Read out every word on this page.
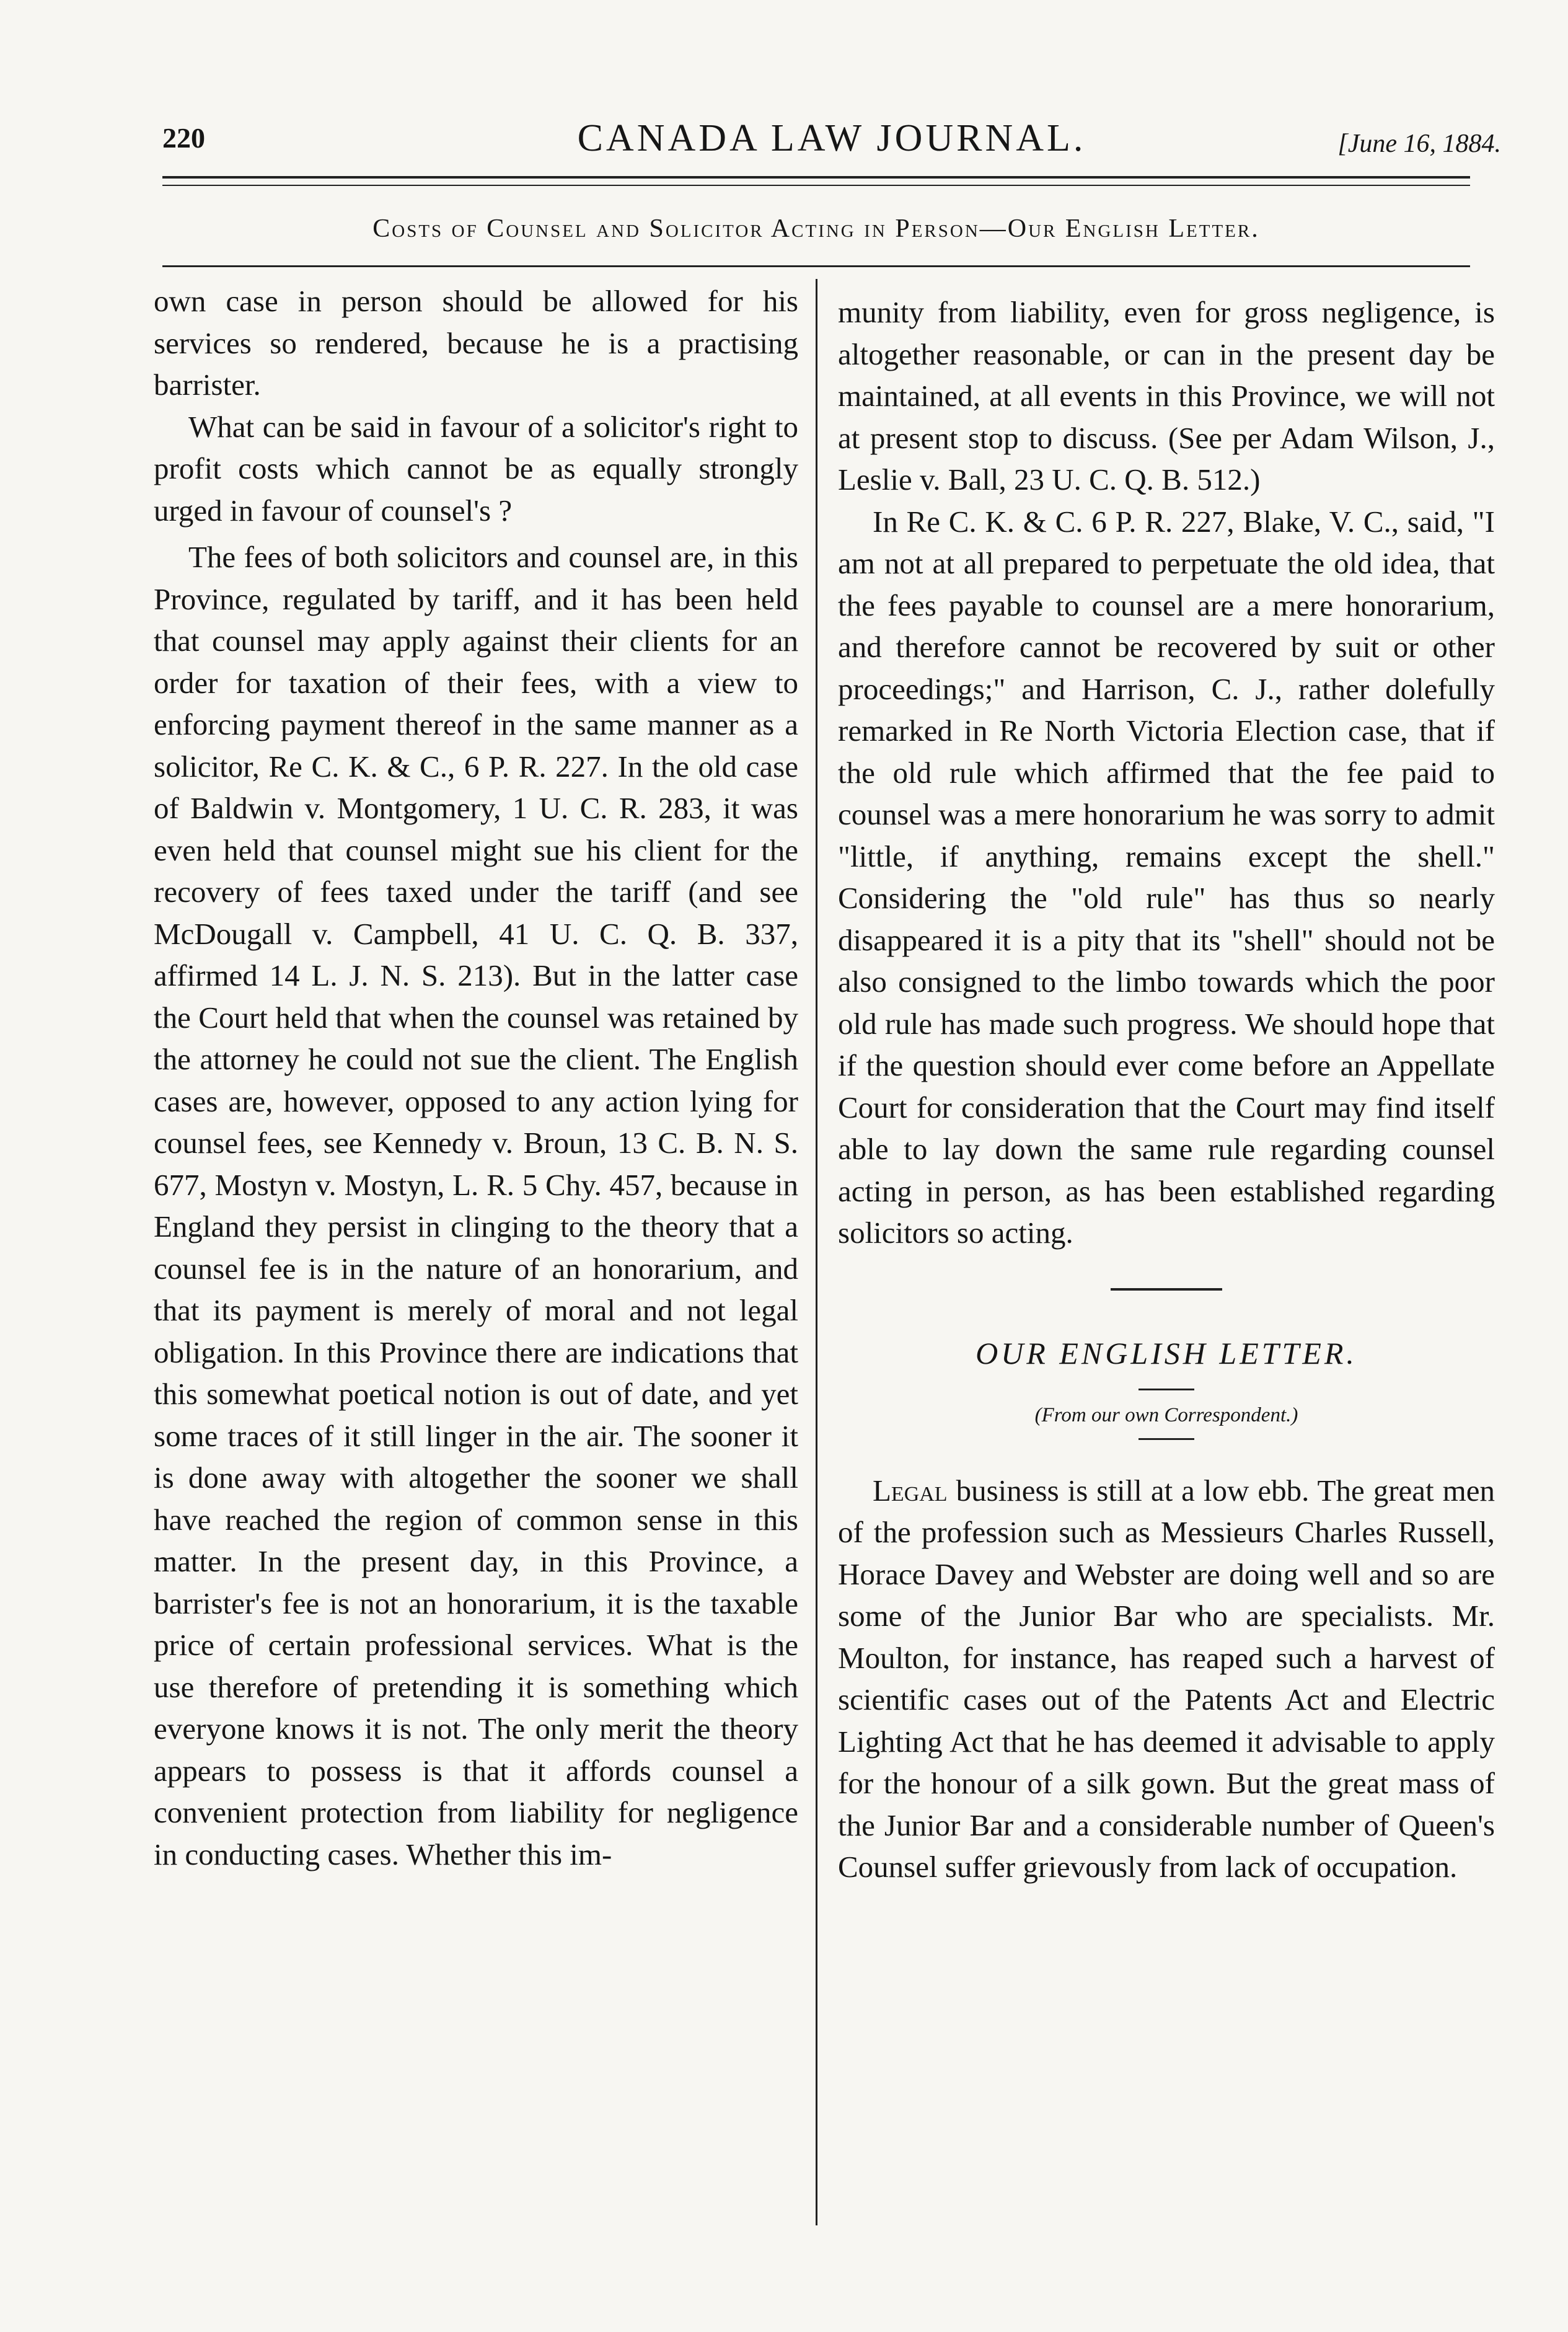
220	CANADA LAW JOURNAL.	[June 16, 1884.
Costs of Counsel and Solicitor Acting in Person—Our English Letter.

own case in person should be allowed for his services so rendered, because he is a practising barrister.

What can be said in favour of a solicitor's right to profit costs which cannot be as equally strongly urged in favour of counsel's ?

The fees of both solicitors and counsel are, in this Province, regulated by tariff, and it has been held that counsel may apply against their clients for an order for taxation of their fees, with a view to enforcing payment thereof in the same manner as a solicitor, Re C. K. & C., 6 P. R. 227. In the old case of Baldwin v. Montgomery, 1 U. C. R. 283, it was even held that counsel might sue his client for the recovery of fees taxed under the tariff (and see McDougall v. Campbell, 41 U. C. Q. B. 337, affirmed 14 L. J. N. S. 213). But in the latter case the Court held that when the counsel was retained by the attorney he could not sue the client. The English cases are, however, opposed to any action lying for counsel fees, see Kennedy v. Broun, 13 C. B. N. S. 677, Mostyn v. Mostyn, L. R. 5 Chy. 457, because in England they persist in clinging to the theory that a counsel fee is in the nature of an honorarium, and that its payment is merely of moral and not legal obligation. In this Province there are indications that this somewhat poetical notion is out of date, and yet some traces of it still linger in the air. The sooner it is done away with altogether the sooner we shall have reached the region of common sense in this matter. In the present day, in this Province, a barrister's fee is not an honorarium, it is the taxable price of certain professional services. What is the use therefore of pretending it is something which everyone knows it is not. The only merit the theory appears to possess is that it affords counsel a convenient protection from liability for negligence in conducting cases. Whether this im-

munity from liability, even for gross negligence, is altogether reasonable, or can in the present day be maintained, at all events in this Province, we will not at present stop to discuss. (See per Adam Wilson, J., Leslie v. Ball, 23 U. C. Q. B. 512.)

In Re C. K. & C. 6 P. R. 227, Blake, V. C., said, "I am not at all prepared to perpetuate the old idea, that the fees payable to counsel are a mere honorarium, and therefore cannot be recovered by suit or other proceedings;" and Harrison, C. J., rather dolefully remarked in Re North Victoria Election case, that if the old rule which affirmed that the fee paid to counsel was a mere honorarium he was sorry to admit "little, if anything, remains except the shell." Considering the "old rule" has thus so nearly disappeared it is a pity that its "shell" should not be also consigned to the limbo towards which the poor old rule has made such progress. We should hope that if the question should ever come before an Appellate Court for consideration that the Court may find itself able to lay down the same rule regarding counsel acting in person, as has been established regarding solicitors so acting.

OUR ENGLISH LETTER.
(From our own Correspondent.)

Legal business is still at a low ebb. The great men of the profession such as Messieurs Charles Russell, Horace Davey and Webster are doing well and so are some of the Junior Bar who are specialists. Mr. Moulton, for instance, has reaped such a harvest of scientific cases out of the Patents Act and Electric Lighting Act that he has deemed it advisable to apply for the honour of a silk gown. But the great mass of the Junior Bar and a considerable number of Queen's Counsel suffer grievously from lack of occupation.
